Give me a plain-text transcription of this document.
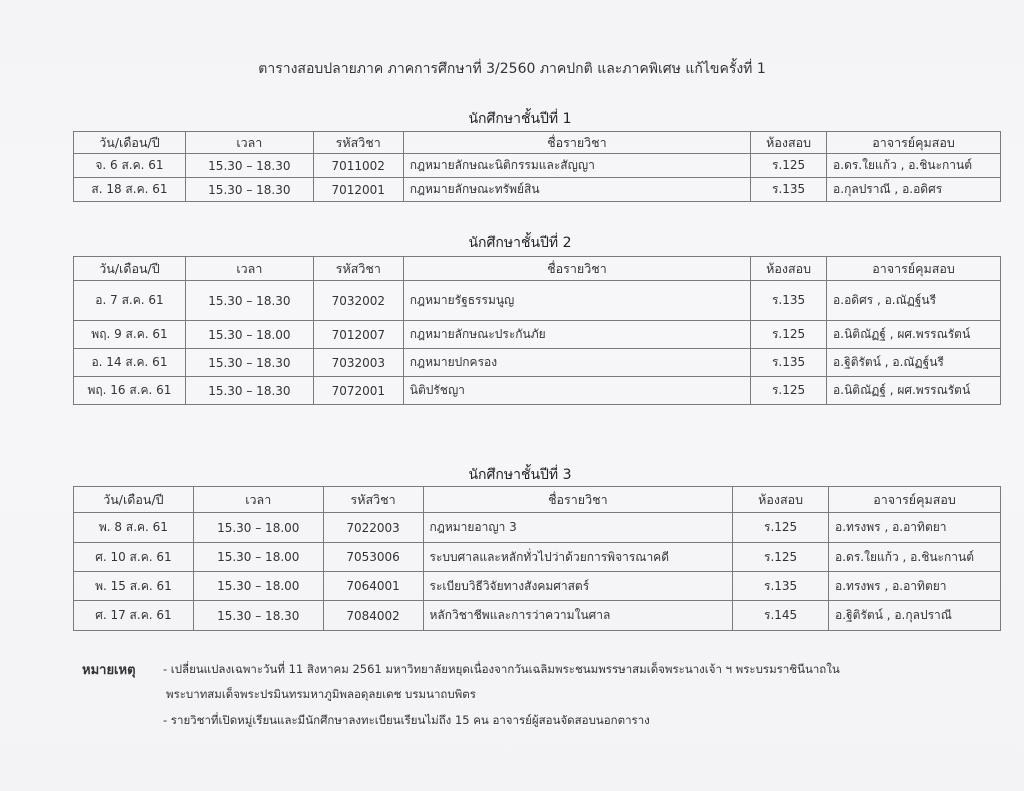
ตารางสอบปลายภาค ภาคการศึกษาที่ 3/2560 ภาคปกติ และภาคพิเศษ แก้ไขครั้งที่ 1
นักศึกษาชั้นปีที่ 1
วัน/เดือน/ปี	เวลา	รหัสวิชา	ชื่อรายวิชา	ห้องสอบ	อาจารย์คุมสอบ
จ. 6 ส.ค. 61	15.30 – 18.30	7011002	กฎหมายลักษณะนิติกรรมและสัญญา	ร.125	อ.ดร.ใยแก้ว , อ.ชินะกานต์
ส. 18 ส.ค. 61	15.30 – 18.30	7012001	กฎหมายลักษณะทรัพย์สิน	ร.135	อ.กุลปราณี , อ.อดิศร
นักศึกษาชั้นปีที่ 2
วัน/เดือน/ปี	เวลา	รหัสวิชา	ชื่อรายวิชา	ห้องสอบ	อาจารย์คุมสอบ
อ. 7 ส.ค. 61	15.30 – 18.30	7032002	กฎหมายรัฐธรรมนูญ	ร.135	อ.อดิศร , อ.ณัฏฐ์นรี
พฤ. 9 ส.ค. 61	15.30 – 18.00	7012007	กฎหมายลักษณะประกันภัย	ร.125	อ.นิติณัฏฐ์ , ผศ.พรรณรัตน์
อ. 14 ส.ค. 61	15.30 – 18.30	7032003	กฎหมายปกครอง	ร.135	อ.ฐิติรัตน์ , อ.ณัฏฐ์นรี
พฤ. 16 ส.ค. 61	15.30 – 18.30	7072001	นิติปรัชญา	ร.125	อ.นิติณัฏฐ์ , ผศ.พรรณรัตน์
นักศึกษาชั้นปีที่ 3
วัน/เดือน/ปี	เวลา	รหัสวิชา	ชื่อรายวิชา	ห้องสอบ	อาจารย์คุมสอบ
พ. 8 ส.ค. 61	15.30 – 18.00	7022003	กฎหมายอาญา 3	ร.125	อ.ทรงพร , อ.อาทิตยา
ศ. 10 ส.ค. 61	15.30 – 18.00	7053006	ระบบศาลและหลักทั่วไปว่าด้วยการพิจารณาคดี	ร.125	อ.ดร.ใยแก้ว , อ.ชินะกานต์
พ. 15 ส.ค. 61	15.30 – 18.00	7064001	ระเบียบวิธีวิจัยทางสังคมศาสตร์	ร.135	อ.ทรงพร , อ.อาทิตยา
ศ. 17 ส.ค. 61	15.30 – 18.30	7084002	หลักวิชาชีพและการว่าความในศาล	ร.145	อ.ฐิติรัตน์ , อ.กุลปราณี
หมายเหตุ - เปลี่ยนแปลงเฉพาะวันที่ 11 สิงหาคม 2561 มหาวิทยาลัยหยุดเนื่องจากวันเฉลิมพระชนมพรรษาสมเด็จพระนางเจ้า ฯ พระบรมราชินีนาถใน
พระบาทสมเด็จพระปรมินทรมหาภูมิพลอดุลยเดช บรมนาถบพิตร
- รายวิชาที่เปิดหมู่เรียนและมีนักศึกษาลงทะเบียนเรียนไม่ถึง 15 คน อาจารย์ผู้สอนจัดสอบนอกตาราง
